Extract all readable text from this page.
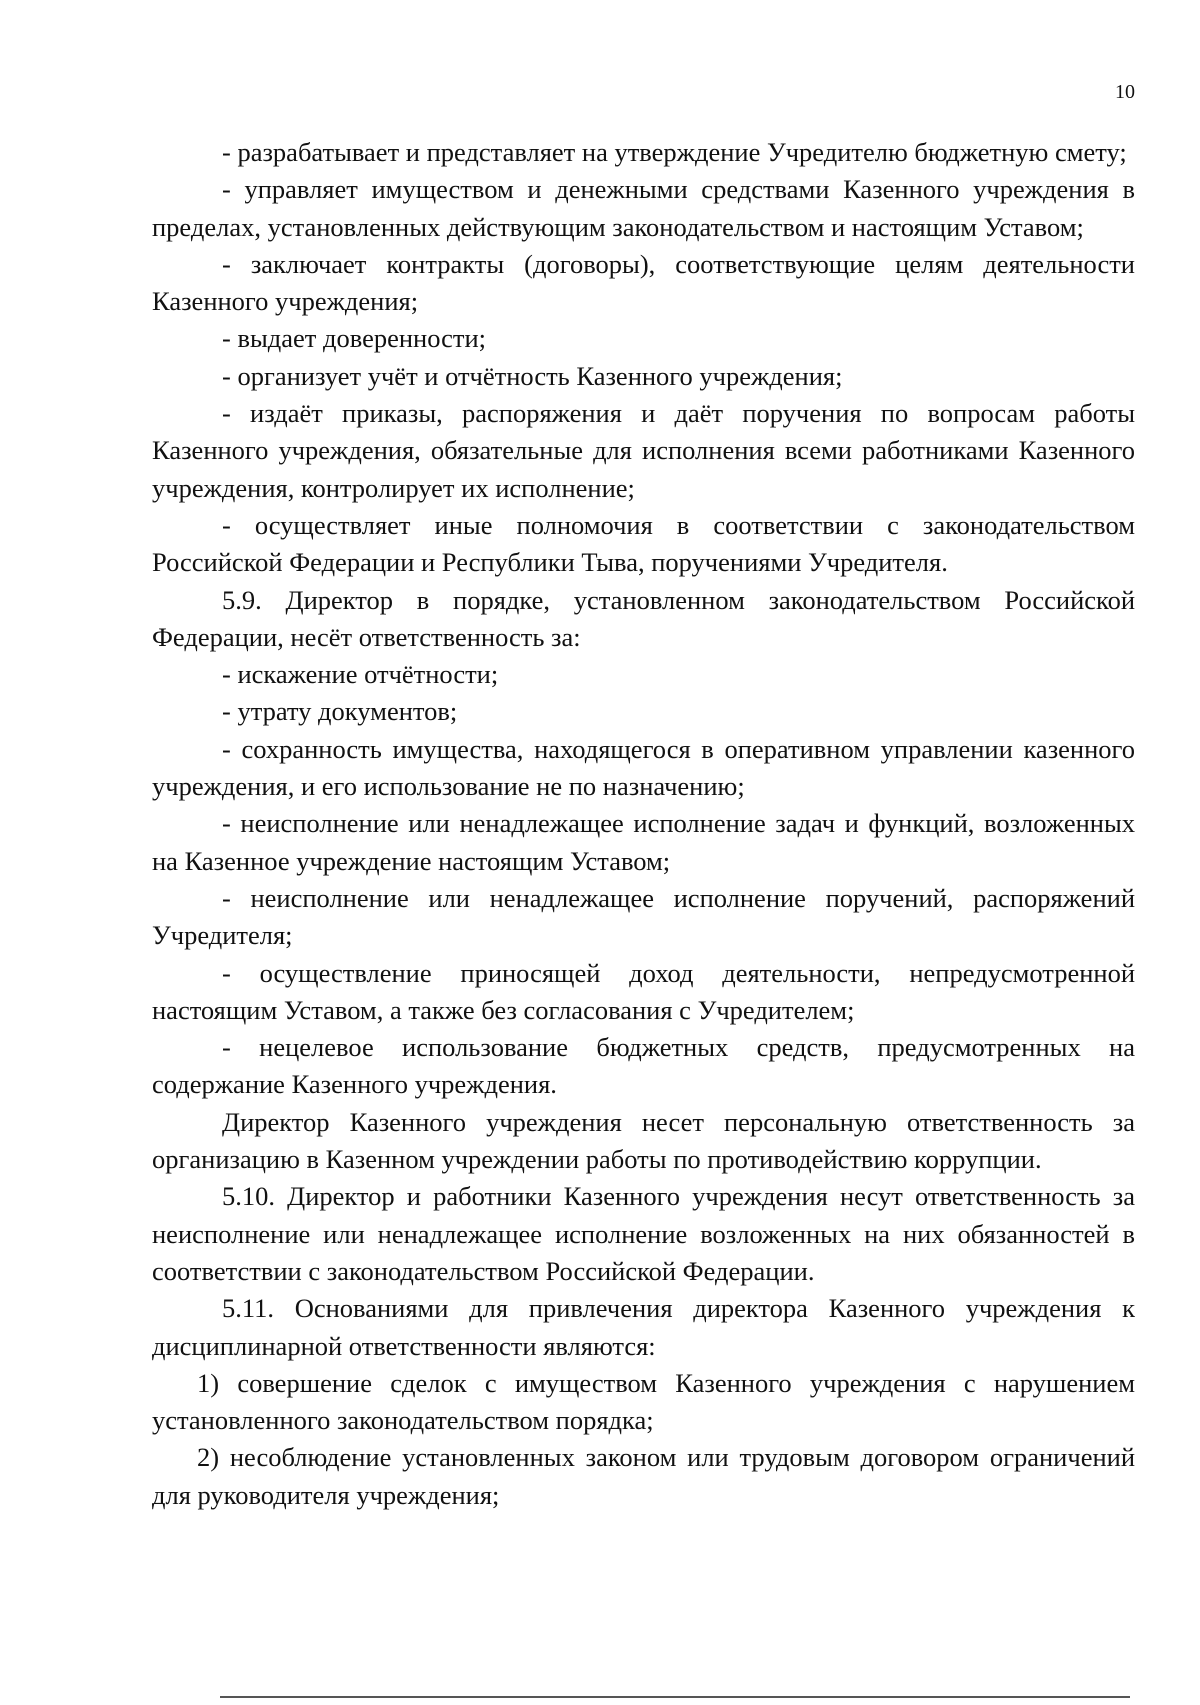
10

- разрабатывает и представляет на утверждение Учредителю бюджетную смету;

- управляет имуществом и денежными средствами Казенного учреждения в пределах, установленных действующим законодательством и настоящим Уставом;

- заключает контракты (договоры), соответствующие целям деятельности Казенного учреждения;

- выдает доверенности;

- организует учёт и отчётность Казенного учреждения;

- издаёт приказы, распоряжения и даёт поручения по вопросам работы Казенного учреждения, обязательные для исполнения всеми работниками Казенного учреждения, контролирует их исполнение;

- осуществляет иные полномочия в соответствии с законодательством Российской Федерации и Республики Тыва, поручениями Учредителя.

5.9. Директор в порядке, установленном законодательством Российской Федерации, несёт ответственность за:

- искажение отчётности;

- утрату документов;

- сохранность имущества, находящегося в оперативном управлении казенного учреждения, и его использование не по назначению;

- неисполнение или ненадлежащее исполнение задач и функций, возложенных на Казенное учреждение настоящим Уставом;

- неисполнение или ненадлежащее исполнение поручений, распоряжений Учредителя;

- осуществление приносящей доход деятельности, непредусмотренной настоящим Уставом, а также без согласования с Учредителем;

- нецелевое использование бюджетных средств, предусмотренных на содержание Казенного учреждения.

Директор Казенного учреждения несет персональную ответственность за организацию в Казенном учреждении работы по противодействию коррупции.

5.10. Директор и работники Казенного учреждения несут ответственность за неисполнение или ненадлежащее исполнение возложенных на них обязанностей в соответствии с законодательством Российской Федерации.

5.11. Основаниями для привлечения директора Казенного учреждения к дисциплинарной ответственности являются:

1) совершение сделок с имуществом Казенного учреждения с нарушением установленного законодательством порядка;

2) несоблюдение установленных законом или трудовым договором ограничений для руководителя учреждения;
